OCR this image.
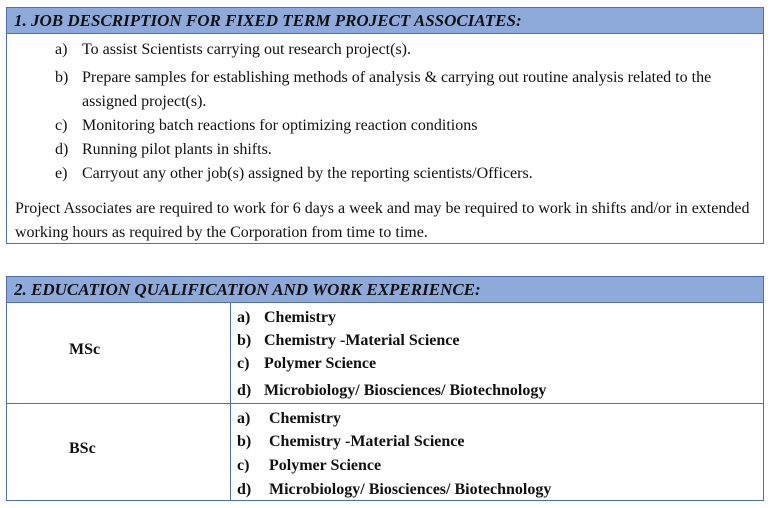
1. JOB DESCRIPTION FOR FIXED TERM PROJECT ASSOCIATES:
a) To assist Scientists carrying out research project(s).
b) Prepare samples for establishing methods of analysis & carrying out routine analysis related to the assigned project(s).
c) Monitoring batch reactions for optimizing reaction conditions
d) Running pilot plants in shifts.
e) Carryout any other job(s) assigned by the reporting scientists/Officers.
Project Associates are required to work for 6 days a week and may be required to work in shifts and/or in extended working hours as required by the Corporation from time to time.
2. EDUCATION QUALIFICATION AND WORK EXPERIENCE:
MSc
a) Chemistry
b) Chemistry -Material Science
c) Polymer Science
d) Microbiology/ Biosciences/ Biotechnology
BSc
a) Chemistry
b) Chemistry -Material Science
c) Polymer Science
d) Microbiology/ Biosciences/ Biotechnology
